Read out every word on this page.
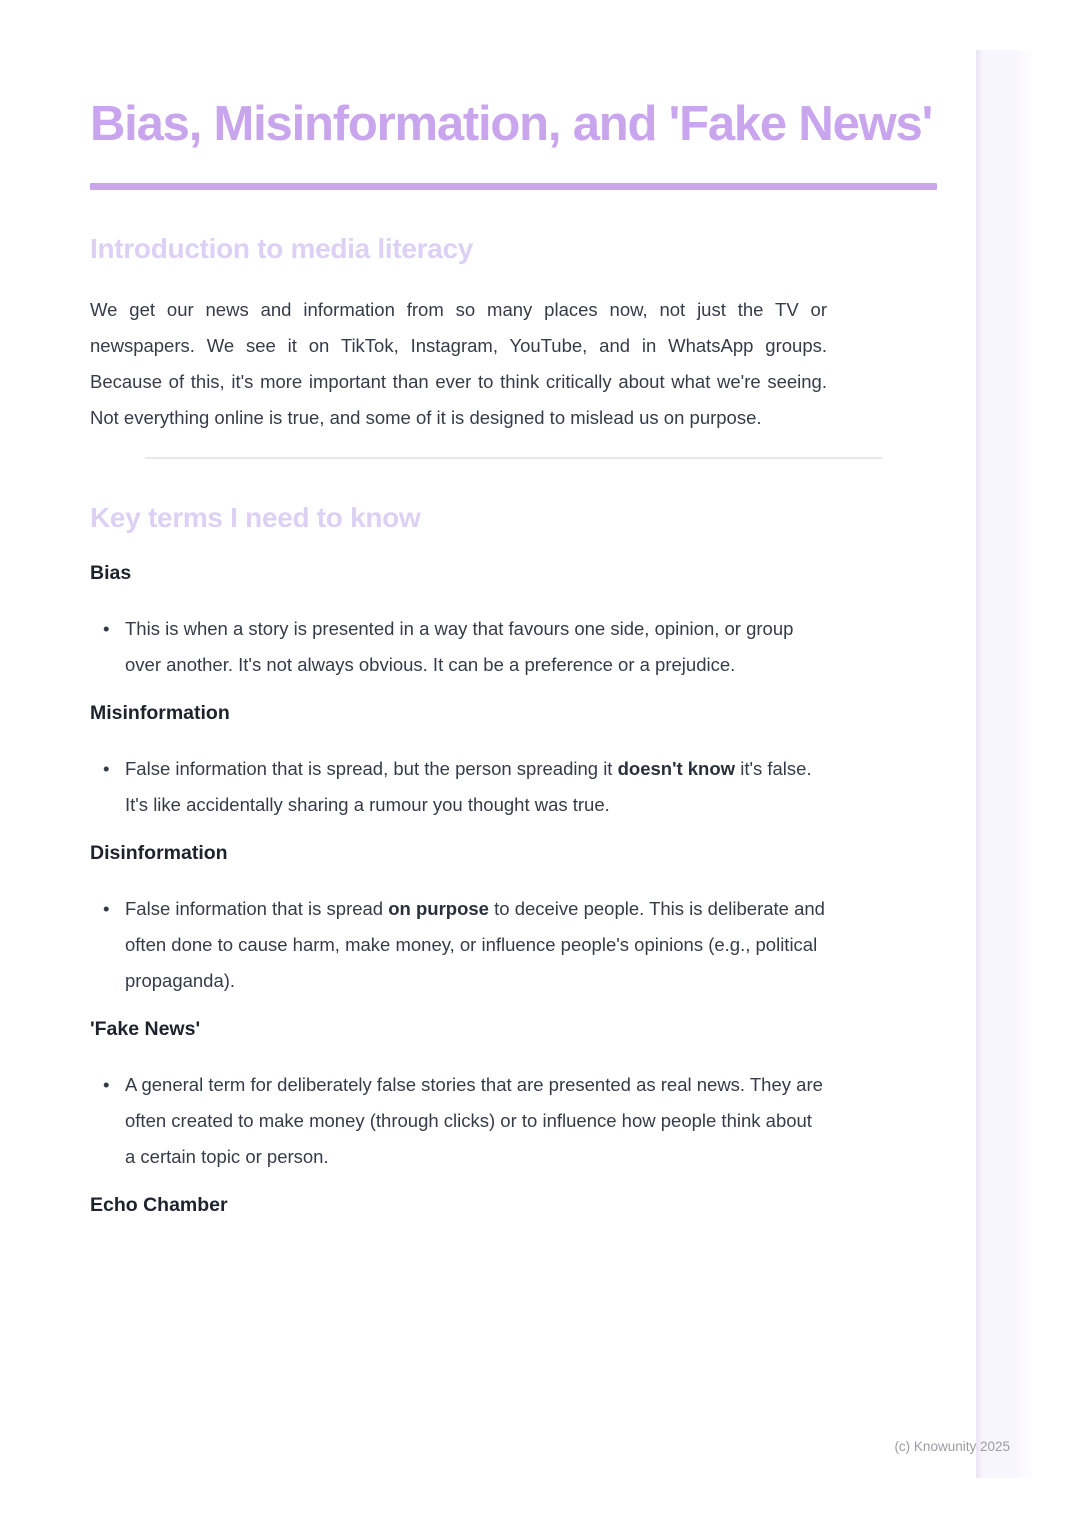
Bias, Misinformation, and 'Fake News'
Introduction to media literacy

We get our news and information from so many places now, not just the TV or newspapers. We see it on TikTok, Instagram, YouTube, and in WhatsApp groups. Because of this, it's more important than ever to think critically about what we're seeing. Not everything online is true, and some of it is designed to mislead us on purpose.

Key terms I need to know
Bias
• This is when a story is presented in a way that favours one side, opinion, or group over another. It's not always obvious. It can be a preference or a prejudice.
Misinformation
• False information that is spread, but the person spreading it doesn't know it's false. It's like accidentally sharing a rumour you thought was true.
Disinformation
• False information that is spread on purpose to deceive people. This is deliberate and often done to cause harm, make money, or influence people's opinions (e.g., political propaganda).
'Fake News'
• A general term for deliberately false stories that are presented as real news. They are often created to make money (through clicks) or to influence how people think about a certain topic or person.
Echo Chamber
(c) Knowunity 2025
